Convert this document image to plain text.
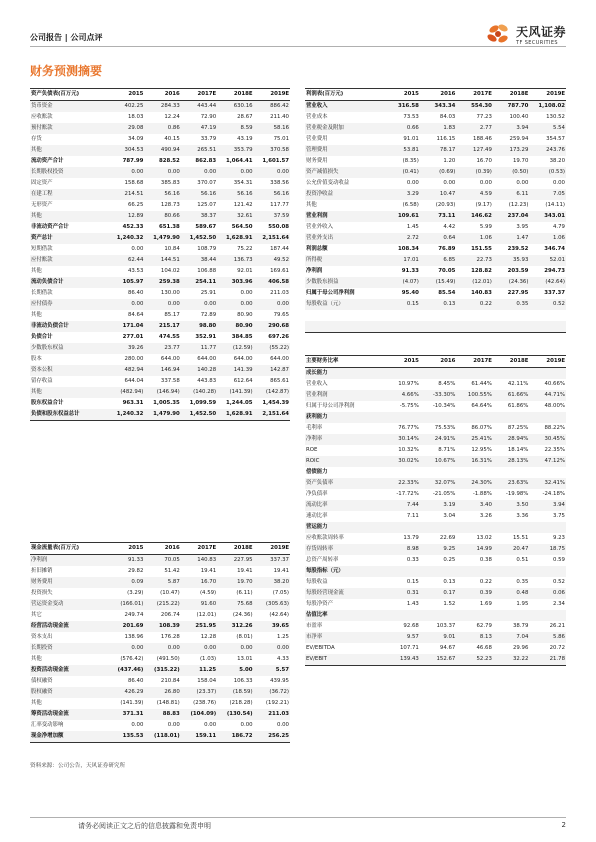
公司报告 | 公司点评	天风证券
TF SECURITIES
财务预测摘要
资产负债表(百万元)	2015	2016	2017E	2018E	2019E
货币资金	402.25	284.33	443.44	630.16	886.42
应收账款	18.03	12.24	72.90	28.67	211.40
预付账款	29.08	0.86	47.19	8.59	58.16
存货	34.09	40.15	33.79	43.19	75.01
其他	304.53	490.94	265.51	353.79	370.58
流动资产合计	787.99	828.52	862.83	1,064.41	1,601.57
长期股权投资	0.00	0.00	0.00	0.00	0.00
固定资产	158.68	385.83	370.07	354.31	338.56
在建工程	214.51	56.16	56.16	56.16	56.16
无形资产	66.25	128.73	125.07	121.42	117.77
其他	12.89	80.66	38.37	32.61	37.59
非流动资产合计	452.33	651.38	589.67	564.50	550.08
资产总计	1,240.32	1,479.90	1,452.50	1,628.91	2,151.64
短期借款	0.00	10.84	108.79	75.22	187.44
应付账款	62.44	144.51	38.44	136.73	49.52
其他	43.53	104.02	106.88	92.01	169.61
流动负债合计	105.97	259.38	254.11	303.96	406.58
长期借款	86.40	130.00	25.91	0.00	211.03
应付债券	0.00	0.00	0.00	0.00	0.00
其他	84.64	85.17	72.89	80.90	79.65
非流动负债合计	171.04	215.17	98.80	80.90	290.68
负债合计	277.01	474.55	352.91	384.85	697.26
少数股东权益	39.26	23.77	11.77	(12.59)	(55.22)
股本	280.00	644.00	644.00	644.00	644.00
资本公积	482.94	146.94	140.28	141.39	142.87
留存收益	644.04	337.58	443.83	612.64	865.61
其他	(482.94)	(146.94)	(140.28)	(141.39)	(142.87)
股东权益合计	963.31	1,005.35	1,099.59	1,244.05	1,454.39
负债和股东权益总计	1,240.32	1,479.90	1,452.50	1,628.91	2,151.64
利润表(百万元)	2015	2016	2017E	2018E	2019E
营业收入	316.58	343.34	554.30	787.70	1,108.02
营业成本	73.53	84.03	77.23	100.40	130.52
营业税金及附加	0.66	1.83	2.77	3.94	5.54
营业费用	91.01	116.15	188.46	259.94	354.57
管理费用	53.81	78.17	127.49	173.29	243.76
财务费用	(8.35)	1.20	16.70	19.70	38.20
资产减值损失	(0.41)	(0.69)	(0.39)	(0.50)	(0.53)
公允价值变动收益	0.00	0.00	0.00	0.00	0.00
投资净收益	3.29	10.47	4.59	6.11	7.05
其他	(6.58)	(20.93)	(9.17)	(12.23)	(14.11)
营业利润	109.61	73.11	146.62	237.04	343.01
营业外收入	1.45	4.42	5.99	3.95	4.79
营业外支出	2.72	0.64	1.06	1.47	1.06
利润总额	108.34	76.89	151.55	239.52	346.74
所得税	17.01	6.85	22.73	35.93	52.01
净利润	91.33	70.05	128.82	203.59	294.73
少数股东损益	(4.07)	(15.49)	(12.01)	(24.36)	(42.64)
归属于母公司净利润	95.40	85.54	140.83	227.95	337.37
每股收益（元）	0.15	0.13	0.22	0.35	0.52

主要财务比率	2015	2016	2017E	2018E	2019E
成长能力					
营业收入	10.97%	8.45%	61.44%	42.11%	40.66%
营业利润	4.66%	-33.30%	100.55%	61.66%	44.71%
归属于母公司净利润	-5.75%	-10.34%	64.64%	61.86%	48.00%
获利能力					
毛利率	76.77%	75.53%	86.07%	87.25%	88.22%
净利率	30.14%	24.91%	25.41%	28.94%	30.45%
ROE	10.32%	8.71%	12.95%	18.14%	22.35%
ROIC	30.02%	10.67%	16.31%	28.13%	47.12%
偿债能力					
资产负债率	22.33%	32.07%	24.30%	23.63%	32.41%
净负债率	-17.72%	-21.05%	-1.88%	-19.98%	-24.18%
流动比率	7.44	3.19	3.40	3.50	3.94
速动比率	7.11	3.04	3.26	3.36	3.75
营运能力					
应收账款周转率	13.79	22.69	13.02	15.51	9.23
存货周转率	8.98	9.25	14.99	20.47	18.75
总资产周转率	0.33	0.25	0.38	0.51	0.59
每股指标（元）					
每股收益	0.15	0.13	0.22	0.35	0.52
每股经营现金流	0.31	0.17	0.39	0.48	0.06
每股净资产	1.43	1.52	1.69	1.95	2.34
估值比率					
市盈率	92.68	103.37	62.79	38.79	26.21
市净率	9.57	9.01	8.13	7.04	5.86
EV/EBITDA	107.71	94.67	46.68	29.96	20.72
EV/EBIT	139.43	152.67	52.23	32.22	21.78
现金流量表(百万元)	2015	2016	2017E	2018E	2019E
净利润	91.33	70.05	140.83	227.95	337.37
折旧摊销	29.82	51.42	19.41	19.41	19.41
财务费用	0.09	5.87	16.70	19.70	38.20
投资损失	(3.29)	(10.47)	(4.59)	(6.11)	(7.05)
营运资金变动	(166.01)	(215.22)	91.60	75.68	(305.63)
其它	249.74	206.74	(12.01)	(24.36)	(42.64)
经营活动现金流	201.69	108.39	251.95	312.26	39.65
资本支出	138.96	176.28	12.28	(8.01)	1.25
长期投资	0.00	0.00	0.00	0.00	0.00
其他	(576.42)	(491.50)	(1.03)	13.01	4.33
投资活动现金流	(437.46)	(315.22)	11.25	5.00	5.57
债权融资	86.40	210.84	158.04	106.33	439.95
股权融资	426.29	26.80	(23.37)	(18.59)	(36.72)
其他	(141.39)	(148.81)	(238.76)	(218.28)	(192.21)
筹资活动现金流	371.31	88.83	(104.09)	(130.54)	211.03
汇率变动影响	0.00	0.00	0.00	0.00	0.00
现金净增加额	135.53	(118.01)	159.11	186.72	256.25
资料来源：公司公告，天风证券研究所
请务必阅读正文之后的信息披露和免责申明	2
